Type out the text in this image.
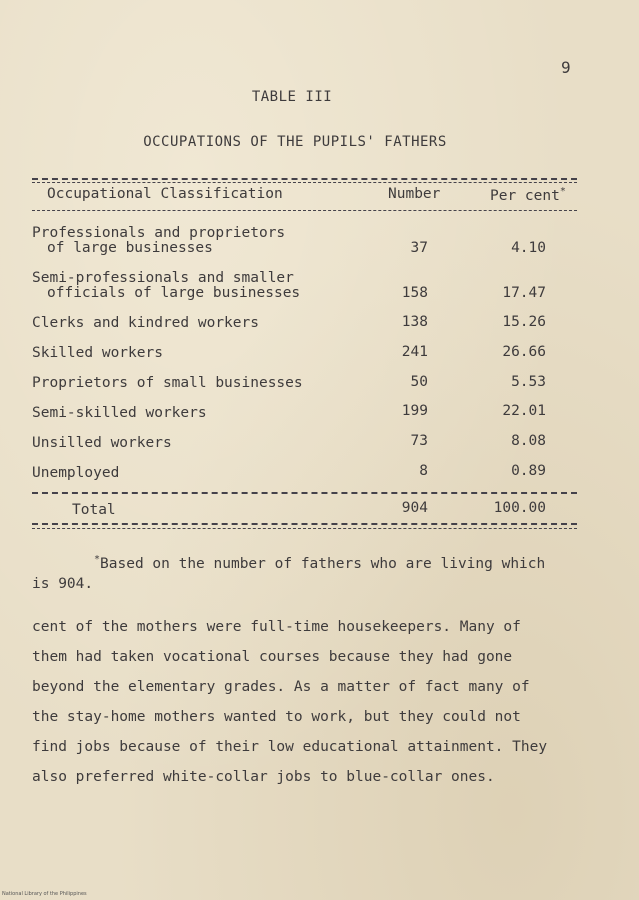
9
TABLE III
OCCUPATIONS OF THE PUPILS' FATHERS
Occupational Classification	Number	Per cent*
Professionals and proprietors
of large businesses	37	4.10
Semi-professionals and smaller
officials of large businesses	158	17.47
Clerks and kindred workers	138	15.26
Skilled workers	241	26.66
Proprietors of small businesses	50	5.53
Semi-skilled workers	199	22.01
Unsilled workers	73	8.08
Unemployed	8	0.89
Total	904	100.00
*Based on the number of fathers who are living which
is 904.
cent of the mothers were full-time housekeepers. Many of
them had taken vocational courses because they had gone
beyond the elementary grades. As a matter of fact many of
the stay-home mothers wanted to work, but they could not
find jobs because of their low educational attainment. They
also preferred white-collar jobs to blue-collar ones.
National Library of the Philippines
